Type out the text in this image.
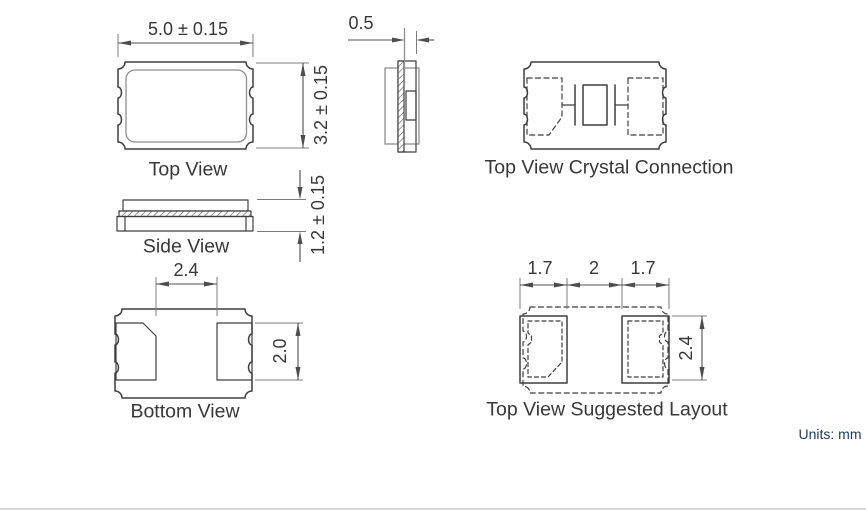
5.0 ± 0.15
3.2 ± 0.15
0.5
Top View
1.2 ± 0.15
Side View
2.4
2.0
Bottom View
Top View Crystal Connection
1.7 2 1.7
2.4
Top View Suggested Layout
Units: mm
